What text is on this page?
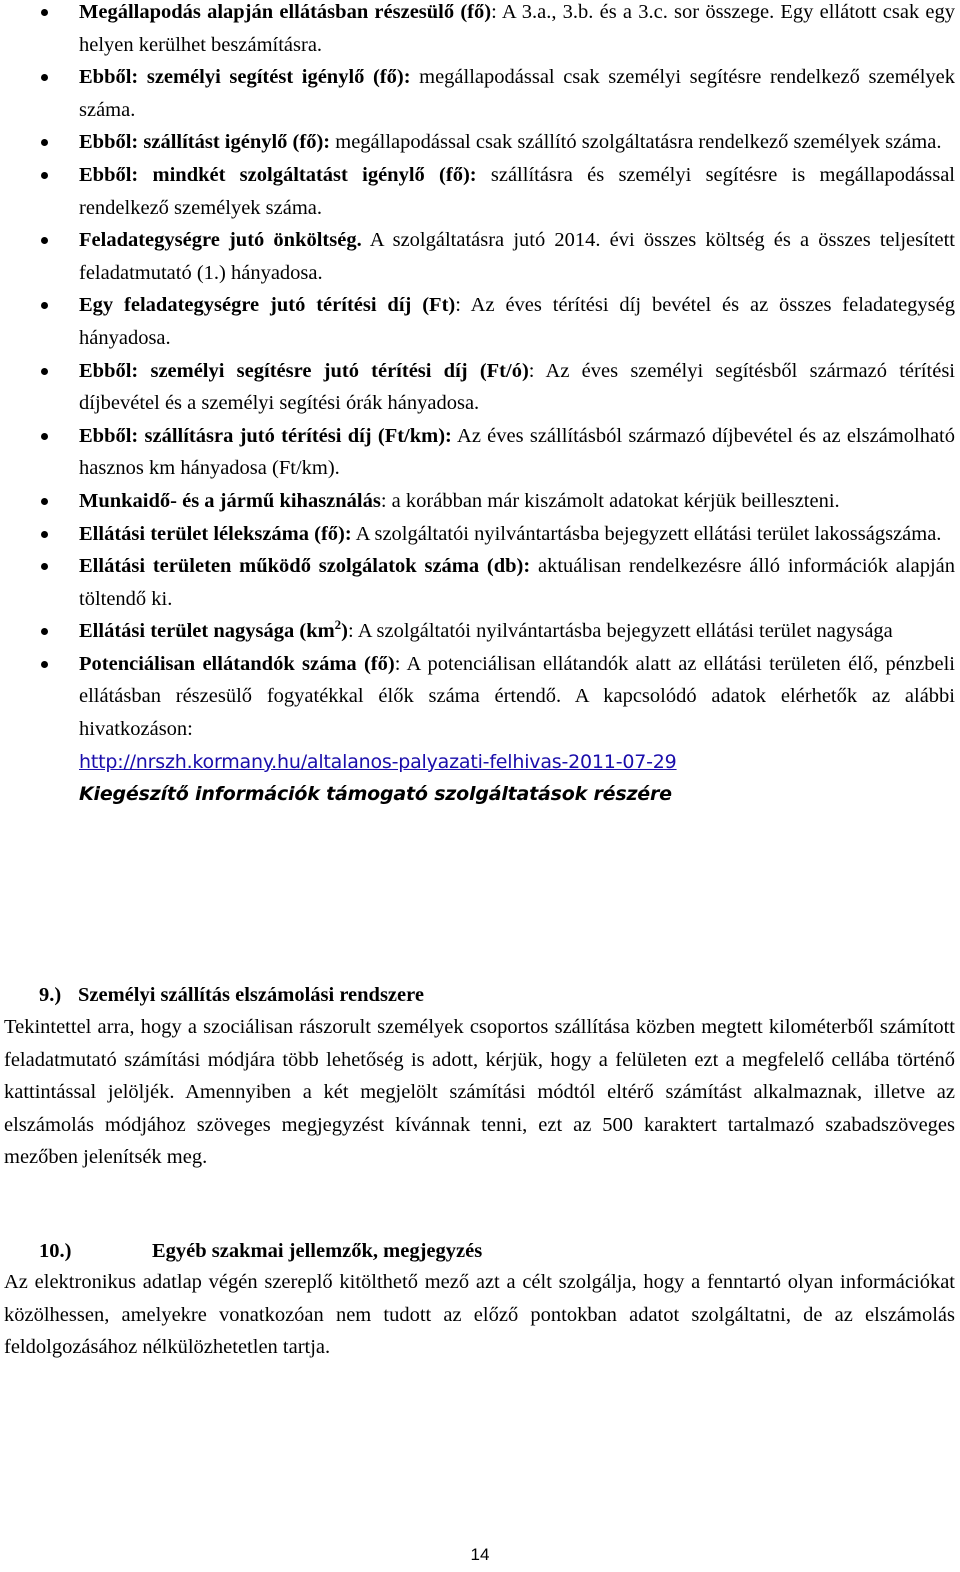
Megállapodás alapján ellátásban részesülő (fő): A 3.a., 3.b. és a 3.c. sor összege. Egy ellátott csak egy helyen kerülhet beszámításra.
Ebből: személyi segítést igénylő (fő): megállapodással csak személyi segítésre rendelkező személyek száma.
Ebből: szállítást igénylő (fő): megállapodással csak szállító szolgáltatásra rendelkező személyek száma.
Ebből: mindkét szolgáltatást igénylő (fő): szállításra és személyi segítésre is megállapodással rendelkező személyek száma.
Feladategységre jutó önköltség. A szolgáltatásra jutó 2014. évi összes költség és a összes teljesített feladatmutató (1.) hányadosa.
Egy feladategységre jutó térítési díj (Ft): Az éves térítési díj bevétel és az összes feladategység hányadosa.
Ebből: személyi segítésre jutó térítési díj (Ft/ó): Az éves személyi segítésből származó térítési díjbevétel és a személyi segítési órák hányadosa.
Ebből: szállításra jutó térítési díj (Ft/km): Az éves szállításból származó díjbevétel és az elszámolható hasznos km hányadosa (Ft/km).
Munkaidő- és a jármű kihasználás: a korábban már kiszámolt adatokat kérjük beilleszteni.
Ellátási terület lélekszáma (fő): A szolgáltatói nyilvántartásba bejegyzett ellátási terület lakosságszáma.
Ellátási területen működő szolgálatok száma (db): aktuálisan rendelkezésre álló információk alapján töltendő ki.
Ellátási terület nagysága $(km^2)$: A szolgáltatói nyilvántartásba bejegyzett ellátási terület nagysága
Potenciálisan ellátandók száma (fő): A potenciálisan ellátandók alatt az ellátási területen élő, pénzbeli ellátásban részesülő fogyatékkal élők száma értendő. A kapcsolódó adatok elérhetők az alábbi hivatkozáson:
http://nrszh.kormany.hu/altalanos-palyazati-felhivas-2011-07-29
Kiegészítő információk támogató szolgáltatások részére
9.) Személyi szállítás elszámolási rendszere

Tekintettel arra, hogy a szociálisan rászorult személyek csoportos szállítása közben megtett kilométerből számított feladatmutató számítási módjára több lehetőség is adott, kérjük, hogy a felületen ezt a megfelelő cellába történő kattintással jelöljék. Amennyiben a két megjelölt számítási módtól eltérő számítást alkalmaznak, illetve az elszámolás módjához szöveges megjegyzést kívánnak tenni, ezt az 500 karaktert tartalmazó szabadszöveges mezőben jelenítsék meg.

10.)	Egyéb szakmai jellemzők, megjegyzés

Az elektronikus adatlap végén szereplő kitölthető mező azt a célt szolgálja, hogy a fenntartó olyan információkat közölhessen, amelyekre vonatkozóan nem tudott az előző pontokban adatot szolgáltatni, de az elszámolás feldolgozásához nélkülözhetetlen tartja.

14
